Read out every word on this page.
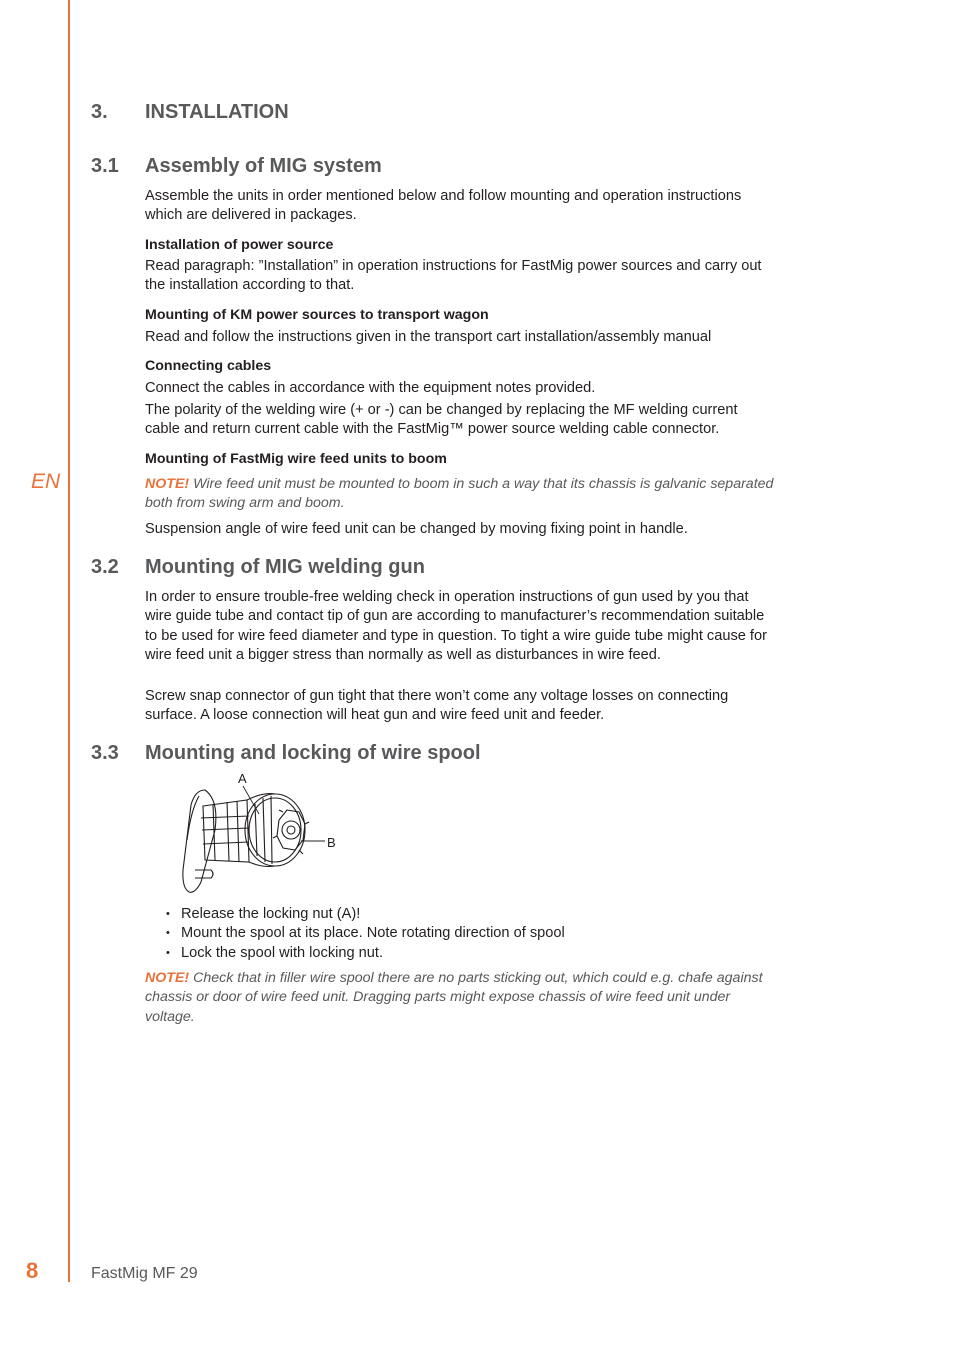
EN
3. INSTALLATION
3.1 Assembly of MIG system
Assemble the units in order mentioned below and follow mounting and operation instructions which are delivered in packages.
Installation of power source
Read paragraph: ”Installation” in operation instructions for FastMig power sources and carry out the installation according to that.
Mounting of KM power sources to transport wagon
Read and follow the instructions given in the transport cart installation/assembly manual
Connecting cables
Connect the cables in accordance with the equipment notes provided.
The polarity of the welding wire (+ or -) can be changed by replacing the MF welding current cable and return current cable with the FastMig™ power source welding cable connector.
Mounting of FastMig wire feed units to boom
NOTE! Wire feed unit must be mounted to boom in such a way that its chassis is galvanic separated both from swing arm and boom.
Suspension angle of wire feed unit can be changed by moving fixing point in handle.
3.2 Mounting of MIG welding gun
In order to ensure trouble-free welding check in operation instructions of gun used by you that wire guide tube and contact tip of gun are according to manufacturer’s recommendation suitable to be used for wire feed diameter and type in question. To tight a wire guide tube might cause for wire feed unit a bigger stress than normally as well as disturbances in wire feed.
Screw snap connector of gun tight that there won’t come any voltage losses on connecting surface. A loose connection will heat gun and wire feed unit and feeder.
3.3 Mounting and locking of wire spool
A
B
• Release the locking nut (A)!
• Mount the spool at its place. Note rotating direction of spool
• Lock the spool with locking nut.
NOTE! Check that in filler wire spool there are no parts sticking out, which could e.g. chafe against chassis or door of wire feed unit. Dragging parts might expose chassis of wire feed unit under voltage.
8	FastMig MF 29
